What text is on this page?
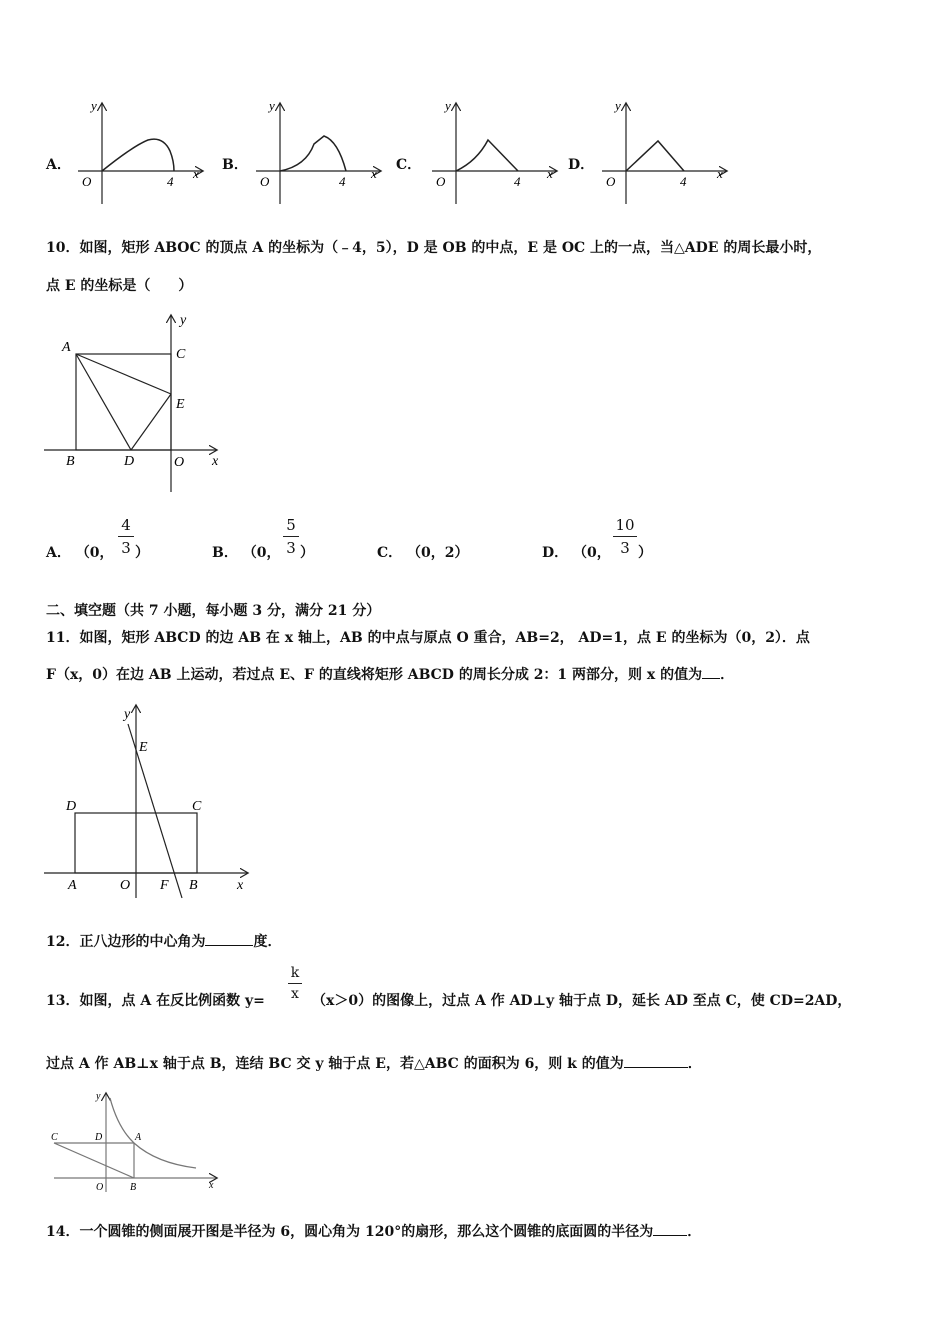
A．
y
x
O	4
B．
y
x
O	4
C．
y
x
O	4
D．
y
x
O	4
10．如图，矩形 ABOC 的顶点 A 的坐标为（﹣4，5），D 是 OB 的中点，E 是 OC 上的一点，当△ADE 的周长最小时，
点 E 的坐标是（　　）
A	C
E
B	D	O x
y
A． （0，
4
3 ）	B． （0，
5
3 ）	C． （0，2）	D． （0，
10
3 ）
二、填空题（共 7 小题，每小题 3 分，满分 21 分）
11．如图，矩形 ABCD 的边 AB 在 x 轴上，AB 的中点与原点 O 重合，AB=2， AD=1，点 E 的坐标为（0，2）．点
F（x，0）在边 AB 上运动，若过点 E、F 的直线将矩形 ABCD 的周长分成 2：1 两部分，则 x 的值为 ．
y
E
D	C
A	O F B	x
12．正八边形的中心角为	度．
13．如图，点 A 在反比例函数 y=
k
x （x＞0）的图像上，过点 A 作 AD⊥y 轴于点 D，延长 AD 至点 C，使 CD=2AD，
过点 A 作 AB⊥x 轴于点 B，连结 BC 交 y 轴于点 E，若△ABC 的面积为 6，则 k 的值为	．
y
C	D	A
O	B	x
14．一个圆锥的侧面展开图是半径为 6，圆心角为 120°的扇形，那么这个圆锥的底面圆的半径为 ．
